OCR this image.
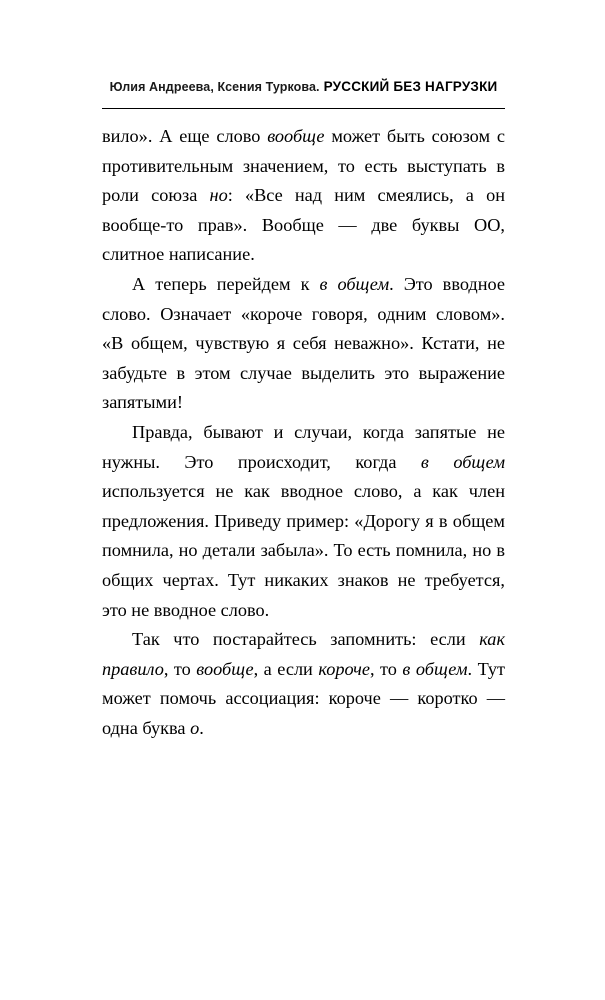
Юлия Андреева, Ксения Туркова. РУССКИЙ БЕЗ НАГРУЗКИ

вило». А еще слово вообще может быть союзом с противительным значением, то есть выступать в роли союза но: «Все над ним смеялись, а он вообще-то прав». Вообще — две буквы ОО, слитное написание.

А теперь перейдем к в общем. Это вводное слово. Означает «короче говоря, одним словом». «В общем, чувствую я себя неважно». Кстати, не забудьте в этом случае выделить это выражение запятыми!

Правда, бывают и случаи, когда запятые не нужны. Это происходит, когда в общем используется не как вводное слово, а как член предложения. Приведу пример: «Дорогу я в общем помнила, но детали забыла». То есть помнила, но в общих чертах. Тут никаких знаков не требуется, это не вводное слово.

Так что постарайтесь запомнить: если как правило, то вообще, а если короче, то в общем. Тут может помочь ассоциация: короче — коротко — одна буква о.
